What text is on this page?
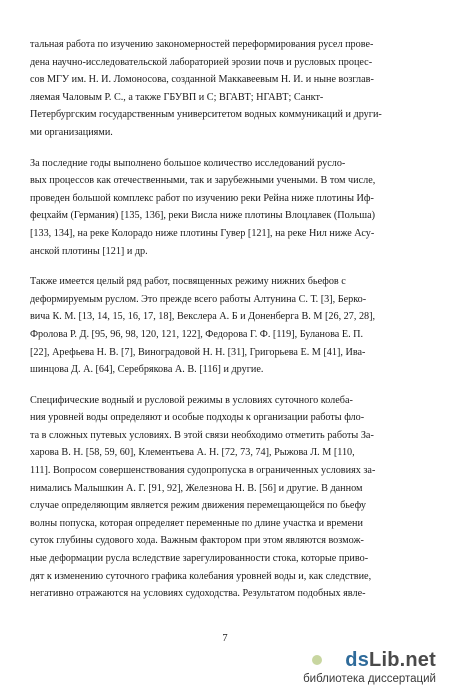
тальная работа по изучению закономерностей переформирования русел прове-
дена научно-исследовательской лабораторией эрозии почв и русловых процес-
сов МГУ им. Н. И. Ломоносова, созданной Маккавеевым Н. И. и ныне возглав-
ляемая Чаловым Р. С., а также ГБУВП и С; ВГАВТ; НГАВТ; Санкт-
Петербургским государственным университетом водных коммуникаций и други-
ми организациями.

За последние годы выполнено большое количество исследований руслo-
вых процессов как отечественными, так и зарубежными учеными. В том числе,
проведен большой комплекс работ по изучению реки Рейна ниже плотины Иф-
фецхайм (Германия) [135, 136], реки Висла ниже плотины Влоцлавек (Польша)
[133, 134], на реке Колорадо ниже плотины Гувер [121], на реке Нил ниже Асу-
анской плотины [121] и др.

Также имеется целый ряд работ, посвященных режиму нижних бьефов с
деформируемым руслом. Это прежде всего работы Алтунина С. Т. [3], Берко-
вича К. М. [13, 14, 15, 16, 17, 18], Векслера А. Б и Доненберга В. М [26, 27, 28],
Фролова Р. Д. [95, 96, 98, 120, 121, 122], Федорова Г. Ф. [119], Буланова Е. П.
[22], Арефьева Н. В. [7], Виноградовой Н. Н. [31], Григорьева Е. М [41], Ива-
шинцова Д. А. [64], Серебрякова А. В. [116] и другие.

Специфические водный и русловой режимы в условиях суточного колеба-
ния уровней воды определяют и особые подходы к организации работы фло-
та в сложных путевых условиях. В этой связи необходимо отметить работы За-
харова В. Н. [58, 59, 60], Клементьева А. Н. [72, 73, 74], Рыжова Л. М [110,
111]. Вопросом совершенствования судопропуска в ограниченных условиях за-
нимались Малышкин А. Г. [91, 92], Железнова Н. В. [56] и другие. В данном
случае определяющим является режим движения перемещающейся по бьефу
волны попуска, которая определяет переменные по длине участка и времени
суток глубины судового хода. Важным фактором при этом являются возмож-
ные деформации русла вследствие зарегулированности стока, которые приво-
дят к изменению суточного графика колебания уровней воды и, как следствие,
негативно отражаются на условиях судоходства. Результатом подобных явле-

7
dsLib.net
библиотека диссертаций
